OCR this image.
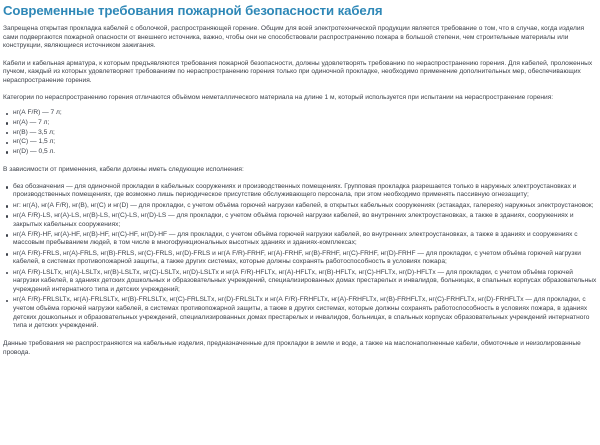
Современные требования пожарной безопасности кабеля

Запрещена открытая прокладка кабелей с оболочкой, распространяющей горение. Общим для всей электротехнической продукции является требование о том, что в случае, когда изделия сами подвергаются пожарной опасности от внешнего источника, важно, чтобы они не способствовали распространению пожара в большой степени, чем строительные материалы или конструкции, являющиеся источником зажигания.

Кабели и кабельная арматура, к которым предъявляются требования пожарной безопасности, должны удовлетворять требованию по нераспространению горения. Для кабелей, проложенных пучком, каждый из которых удовлетворяет требованиям по нераспространению горения только при одиночной прокладке, необходимо применение дополнительных мер, обеспечивающих нераспространение горения.

Категории по нераспространению горения отличаются объёмом неметаллического материала на длине 1 м, который используется при испытании на нераспространение горения:

нг(А F/R) — 7 л;
нг(А) — 7 л;
нг(В) — 3,5 л;
нг(С) — 1,5 л;
нг(D) — 0,5 л.

В зависимости от применения, кабели должны иметь следующие исполнения:

без обозначения — для одиночной прокладки в кабельных сооружениях и производственных помещениях. Групповая прокладка разрешается только в наружных электроустановках и производственных помещениях, где возможно лишь периодическое присутствие обслуживающего персонала, при этом необходимо применять пассивную огнезащиту;
нг: нг(А), нг(А F/R), нг(В), нг(С) и нг(D) — для прокладки, с учетом объёма горючей нагрузки кабелей, в открытых кабельных сооружениях (эстакадах, галереях) наружных электроустановок;
нг(А F/R)-LS, нг(А)-LS, нг(В)-LS, нг(С)-LS, нг(D)-LS — для прокладки, с учетом объёма горючей нагрузки кабелей, во внутренних электроустановках, а также в зданиях, сооружениях и закрытых кабельных сооружениях;
нг(А F/R)-HF, нг(А)-HF, нг(В)-HF, нг(С)-HF, нг(D)-HF — для прокладки, с учетом объёма горючей нагрузки кабелей, во внутренних электроустановках, а также в зданиях и сооружениях с массовым пребыванием людей, в том числе в многофункциональных высотных зданиях и зданиях-комплексах;
нг(А F/R)-FRLS, нг(А)-FRLS, нг(В)-FRLS, нг(С)-FRLS, нг(D)-FRLS и нг(А F/R)-FRHF, нг(А)-FRHF, нг(В)-FRHF, нг(С)-FRHF, нг(D)-FRHF — для прокладки, с учетом объёма горючей нагрузки кабелей, в системах противопожарной защиты, а также других системах, которые должны сохранять работоспособность в условиях пожара;
нг(А F/R)-LSLTx, нг(А)-LSLTx, нг(В)-LSLTx, нг(С)-LSLTx, нг(D)-LSLTx и нг(А F/R)-HFLTx, нг(А)-HFLTx, нг(В)-HFLTx, нг(С)-HFLTx, нг(D)-HFLTx — для прокладки, с учетом объёма горючей нагрузки кабелей, в зданиях детских дошкольных и образовательных учреждений, специализированных домах престарелых и инвалидов, больницах, в спальных корпусах образовательных учреждений интернатного типа и детских учреждений;
нг(А F/R)-FRLSLTx, нг(А)-FRLSLTx, нг(В)-FRLSLTx, нг(С)-FRLSLTx, нг(D)-FRLSLTx и нг(А F/R)-FRHFLTx, нг(А)-FRHFLTx, нг(В)-FRHFLTx, нг(С)-FRHFLTx, нг(D)-FRHFLTx — для прокладки, с учетом объёма горючей нагрузки кабелей, в системах противопожарной защиты, а также в других системах, которые должны сохранять работоспособность в условиях пожара, в зданиях детских дошкольных и образовательных учреждений, специализированных домах престарелых и инвалидов, больницах, в спальных корпусах образовательных учреждений интернатного типа и детских учреждений.

Данные требования не распространяются на кабельные изделия, предназначенные для прокладки в земле и воде, а также на маслонаполненные кабели, обмоточные и неизолированные провода.
